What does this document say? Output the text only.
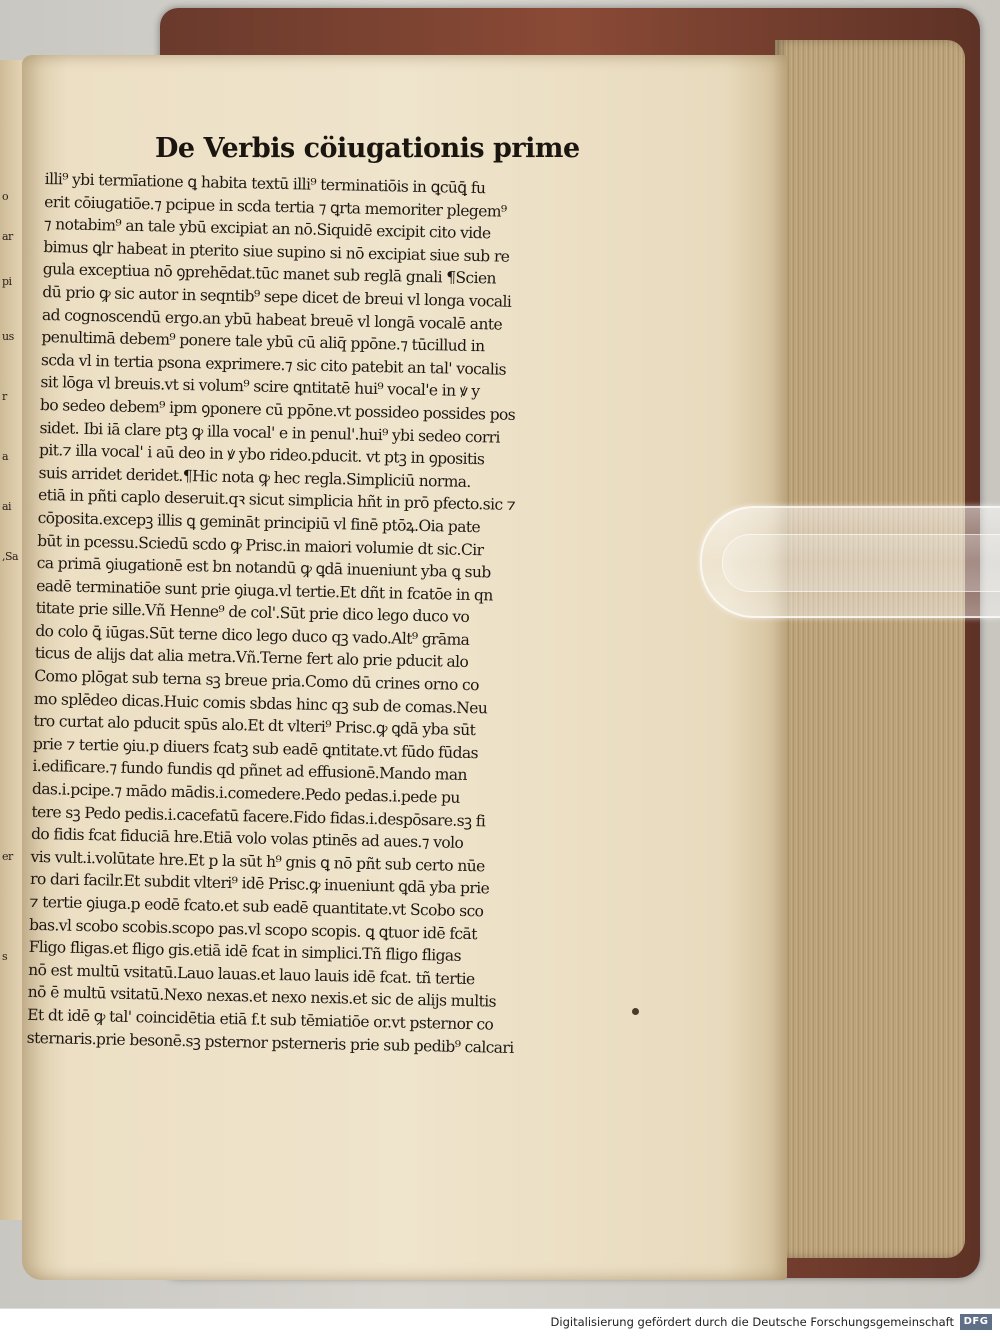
o
ar
pi
us
r
a
ai
er
s
,Sa
De Verbis cöiugationis prime
illi⁹ ybi termīatione ꝗ habita textū illi⁹ terminatiōis in ꝗcūꝗ̄ fu
erit cōiugatiōe.⁊ pcipue in scda tertia ⁊ ꝗrta memoriter plegem⁹
⁊ notabim⁹ an tale ybū excipiat an nō.Siquidē excipit cito vide
bimus ꝗlr habeat in pterito siue supino si nō excipiat siue sub re
gula exceptiua nō ꝯprehēdat.tūc manet sub reglā gnali ¶Scien
dū prio ꝙ sic autor in seqntib⁹ sepe dicet de breui vl longa vocali
ad cognoscendū ergo.an ybū habeat breuē vl longā vocalē ante
penultimā debem⁹ ponere tale ybū cū aliq̄ ppōne.⁊ tūcillud in
scda vl in tertia psona exprimere.⁊ sic cito patebit an tal' vocalis
sit lōga vl breuis.vt si volum⁹ scire ꝗntitatē hui⁹ vocal'e in ꝟ y
bo sedeo debem⁹ ipm ꝯponere cū ppōne.vt possideo possides pos
sidet. Ibi iā clare ptꝫ ꝙ illa vocal' e in penul'.hui⁹ ybi sedeo corri
pit.⁊ illa vocal' i aū deo in ꝟ ybo rideo.pducit. vt ptꝫ in ꝯpositis
suis arridet deridet.¶Hic nota ꝙ hec regla.Simpliciū norma.
etiā in pñti caplo deseruit.qꝛ sicut simplicia hñt in prō pfecto.sic ⁊
cōposita.excepꝫ illis ꝗ gemināt principiū vl finē ptōꝝ.Oia pate
būt in pcessu.Sciedū scdo ꝙ Prisc.in maiori volumie dt sic.Cir
ca primā ꝯiugationē est bn notandū ꝙ ꝗdā inueniunt yba ꝗ sub
eadē terminatiōe sunt prie ꝯiuga.vl tertie.Et dñt in fcatōe in qn
titate prie sille.Vñ Henne⁹ de col'.Sūt prie dico lego duco vo
do colo ꝗ̄ iūgas.Sūt terne dico lego duco qꝫ vado.Alt⁹ grāma
ticus de alijs dat alia metra.Vñ.Terne fert alo prie pducit alo
Como plōgat sub terna sꝫ breue pria.Como dū crines orno co
mo splēdeo dicas.Huic comis sbdas hinc qꝫ sub de comas.Neu
tro curtat alo pducit spūs alo.Et dt vlteri⁹ Prisc.ꝙ ꝗdā yba sūt
prie ⁊ tertie ꝯiu.p diuers fcatꝫ sub eadē ꝗntitate.vt fūdo fūdas
i.edificare.⁊ fundo fundis qd pñnet ad effusionē.Mando man
das.i.pcipe.⁊ mādo mādis.i.comedere.Pedo pedas.i.pede pu
tere sꝫ Pedo pedis.i.cacefatū facere.Fido fidas.i.despōsare.sꝫ fi
do fidis fcat fiduciā hre.Etiā volo volas ptinēs ad aues.⁊ volo
vis vult.i.volūtate hre.Et p la sūt h⁹ gnis ꝗ nō pñt sub certo nūe
ro dari facilr.Et subdit vlteri⁹ idē Prisc.ꝙ inueniunt ꝗdā yba prie
⁊ tertie ꝯiuga.p eodē fcato.et sub eadē quantitate.vt Scobo sco
bas.vl scobo scobis.scopo pas.vl scopo scopis. ꝗ ꝗtuor idē fcāt
Fligo fligas.et fligo gis.etiā idē fcat in simplici.Tñ fligo fligas
nō est multū vsitatū.Lauo lauas.et lauo lauis idē fcat. tñ tertie
nō ē multū vsitatū.Nexo nexas.et nexo nexis.et sic de alijs multis
Et dt idē ꝙ tal' coincidētia etiā f.t sub tēmiatiōe or.vt psternor co
sternaris.prie besonē.sꝫ psternor psterneris prie sub pedib⁹ calcari
Digitalisierung gefördert durch die Deutsche Forschungsgemeinschaft DFG
